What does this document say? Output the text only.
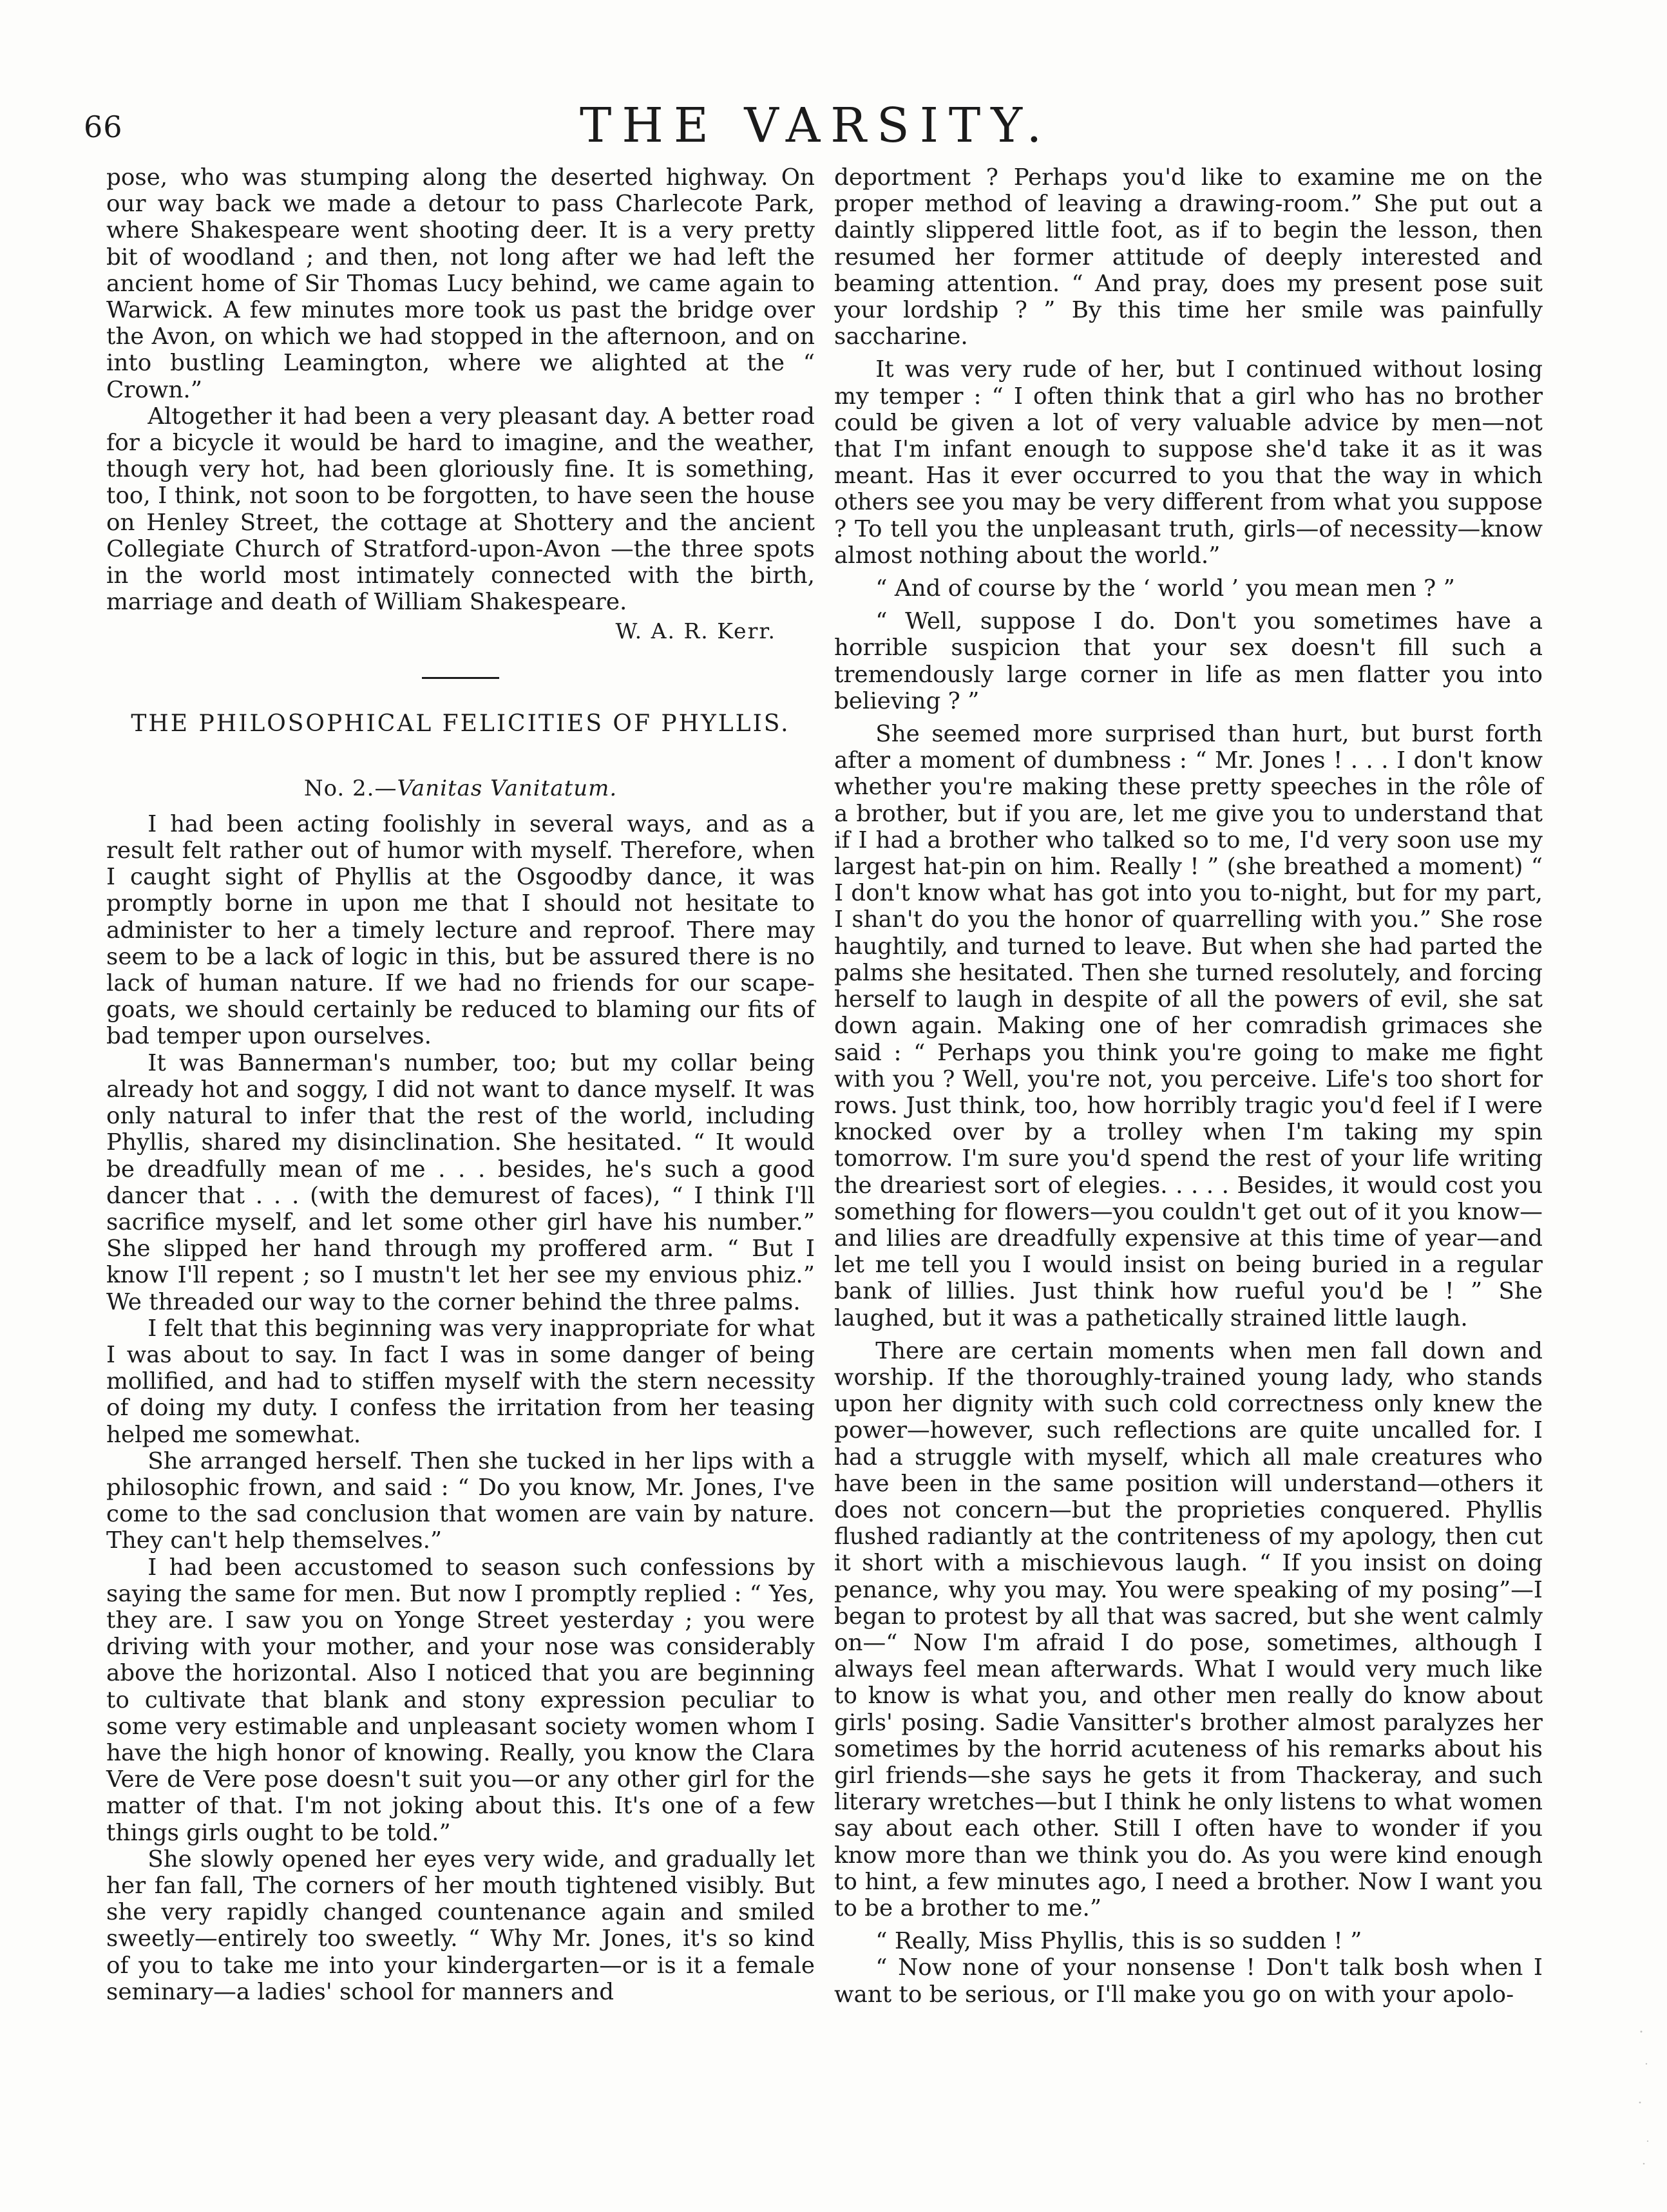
66	THE VARSITY.

pose, who was stumping along the deserted highway. On our way back we made a detour to pass Charlecote Park, where Shakespeare went shooting deer. It is a very pretty bit of woodland ; and then, not long after we had left the ancient home of Sir Thomas Lucy behind, we came again to Warwick. A few minutes more took us past the bridge over the Avon, on which we had stopped in the afternoon, and on into bustling Leamington, where we alighted at the “ Crown.”

Altogether it had been a very pleasant day. A better road for a bicycle it would be hard to imagine, and the weather, though very hot, had been gloriously fine. It is something, too, I think, not soon to be forgotten, to have seen the house on Henley Street, the cottage at Shottery and the ancient Collegiate Church of Stratford-upon-Avon —the three spots in the world most intimately connected with the birth, marriage and death of William Shakespeare.

W. A. R. Kerr.
THE PHILOSOPHICAL FELICITIES OF PHYLLIS.
No. 2.—Vanitas Vanitatum.

I had been acting foolishly in several ways, and as a result felt rather out of humor with myself. Therefore, when I caught sight of Phyllis at the Osgoodby dance, it was promptly borne in upon me that I should not hesitate to administer to her a timely lecture and reproof. There may seem to be a lack of logic in this, but be assured there is no lack of human nature. If we had no friends for our scape-goats, we should certainly be reduced to blaming our fits of bad temper upon ourselves.

It was Bannerman's number, too; but my collar being already hot and soggy, I did not want to dance myself. It was only natural to infer that the rest of the world, including Phyllis, shared my disinclination. She hesitated. “ It would be dreadfully mean of me . . . besides, he's such a good dancer that . . . (with the demurest of faces), “ I think I'll sacrifice myself, and let some other girl have his number.” She slipped her hand through my proffered arm. “ But I know I'll repent ; so I mustn't let her see my envious phiz.” We threaded our way to the corner behind the three palms.

I felt that this beginning was very inappropriate for what I was about to say. In fact I was in some danger of being mollified, and had to stiffen myself with the stern necessity of doing my duty. I confess the irritation from her teasing helped me somewhat.

She arranged herself. Then she tucked in her lips with a philosophic frown, and said : “ Do you know, Mr. Jones, I've come to the sad conclusion that women are vain by nature. They can't help themselves.”

I had been accustomed to season such confessions by saying the same for men. But now I promptly replied : “ Yes, they are. I saw you on Yonge Street yesterday ; you were driving with your mother, and your nose was considerably above the horizontal. Also I noticed that you are beginning to cultivate that blank and stony expression peculiar to some very estimable and unpleasant society women whom I have the high honor of knowing. Really, you know the Clara Vere de Vere pose doesn't suit you—or any other girl for the matter of that. I'm not joking about this. It's one of a few things girls ought to be told.”

She slowly opened her eyes very wide, and gradually let her fan fall, The corners of her mouth tightened visibly. But she very rapidly changed countenance again and smiled sweetly—entirely too sweetly. “ Why Mr. Jones, it's so kind of you to take me into your kindergarten—or is it a female seminary—a ladies' school for manners and

deportment ? Perhaps you'd like to examine me on the proper method of leaving a drawing-room.” She put out a daintly slippered little foot, as if to begin the lesson, then resumed her former attitude of deeply interested and beaming attention. “ And pray, does my present pose suit your lordship ? ” By this time her smile was painfully saccharine.

It was very rude of her, but I continued without losing my temper : “ I often think that a girl who has no brother could be given a lot of very valuable advice by men—not that I'm infant enough to suppose she'd take it as it was meant. Has it ever occurred to you that the way in which others see you may be very different from what you suppose ? To tell you the unpleasant truth, girls—of necessity—know almost nothing about the world.”

“ And of course by the ‘ world ’ you mean men ? ”

“ Well, suppose I do. Don't you sometimes have a horrible suspicion that your sex doesn't fill such a tremendously large corner in life as men flatter you into believing ? ”

She seemed more surprised than hurt, but burst forth after a moment of dumbness : “ Mr. Jones ! . . . I don't know whether you're making these pretty speeches in the rôle of a brother, but if you are, let me give you to understand that if I had a brother who talked so to me, I'd very soon use my largest hat-pin on him. Really ! ” (she breathed a moment) “ I don't know what has got into you to-night, but for my part, I shan't do you the honor of quarrelling with you.” She rose haughtily, and turned to leave. But when she had parted the palms she hesitated. Then she turned resolutely, and forcing herself to laugh in despite of all the powers of evil, she sat down again. Making one of her comradish grimaces she said : “ Perhaps you think you're going to make me fight with you ? Well, you're not, you perceive. Life's too short for rows. Just think, too, how horribly tragic you'd feel if I were knocked over by a trolley when I'm taking my spin tomorrow. I'm sure you'd spend the rest of your life writing the dreariest sort of elegies. . . . . Besides, it would cost you something for flowers—you couldn't get out of it you know—and lilies are dreadfully expensive at this time of year—and let me tell you I would insist on being buried in a regular bank of lillies. Just think how rueful you'd be ! ” She laughed, but it was a pathetically strained little laugh.

There are certain moments when men fall down and worship. If the thoroughly-trained young lady, who stands upon her dignity with such cold correctness only knew the power—however, such reflections are quite uncalled for. I had a struggle with myself, which all male creatures who have been in the same position will understand—others it does not concern—but the proprieties conquered. Phyllis flushed radiantly at the contriteness of my apology, then cut it short with a mischievous laugh. “ If you insist on doing penance, why you may. You were speaking of my posing”—I began to protest by all that was sacred, but she went calmly on—“ Now I'm afraid I do pose, sometimes, although I always feel mean afterwards. What I would very much like to know is what you, and other men really do know about girls' posing. Sadie Vansitter's brother almost paralyzes her sometimes by the horrid acuteness of his remarks about his girl friends—she says he gets it from Thackeray, and such literary wretches—but I think he only listens to what women say about each other. Still I often have to wonder if you know more than we think you do. As you were kind enough to hint, a few minutes ago, I need a brother. Now I want you to be a brother to me.”

“ Really, Miss Phyllis, this is so sudden ! ”

“ Now none of your nonsense ! Don't talk bosh when I want to be serious, or I'll make you go on with your apolo-
